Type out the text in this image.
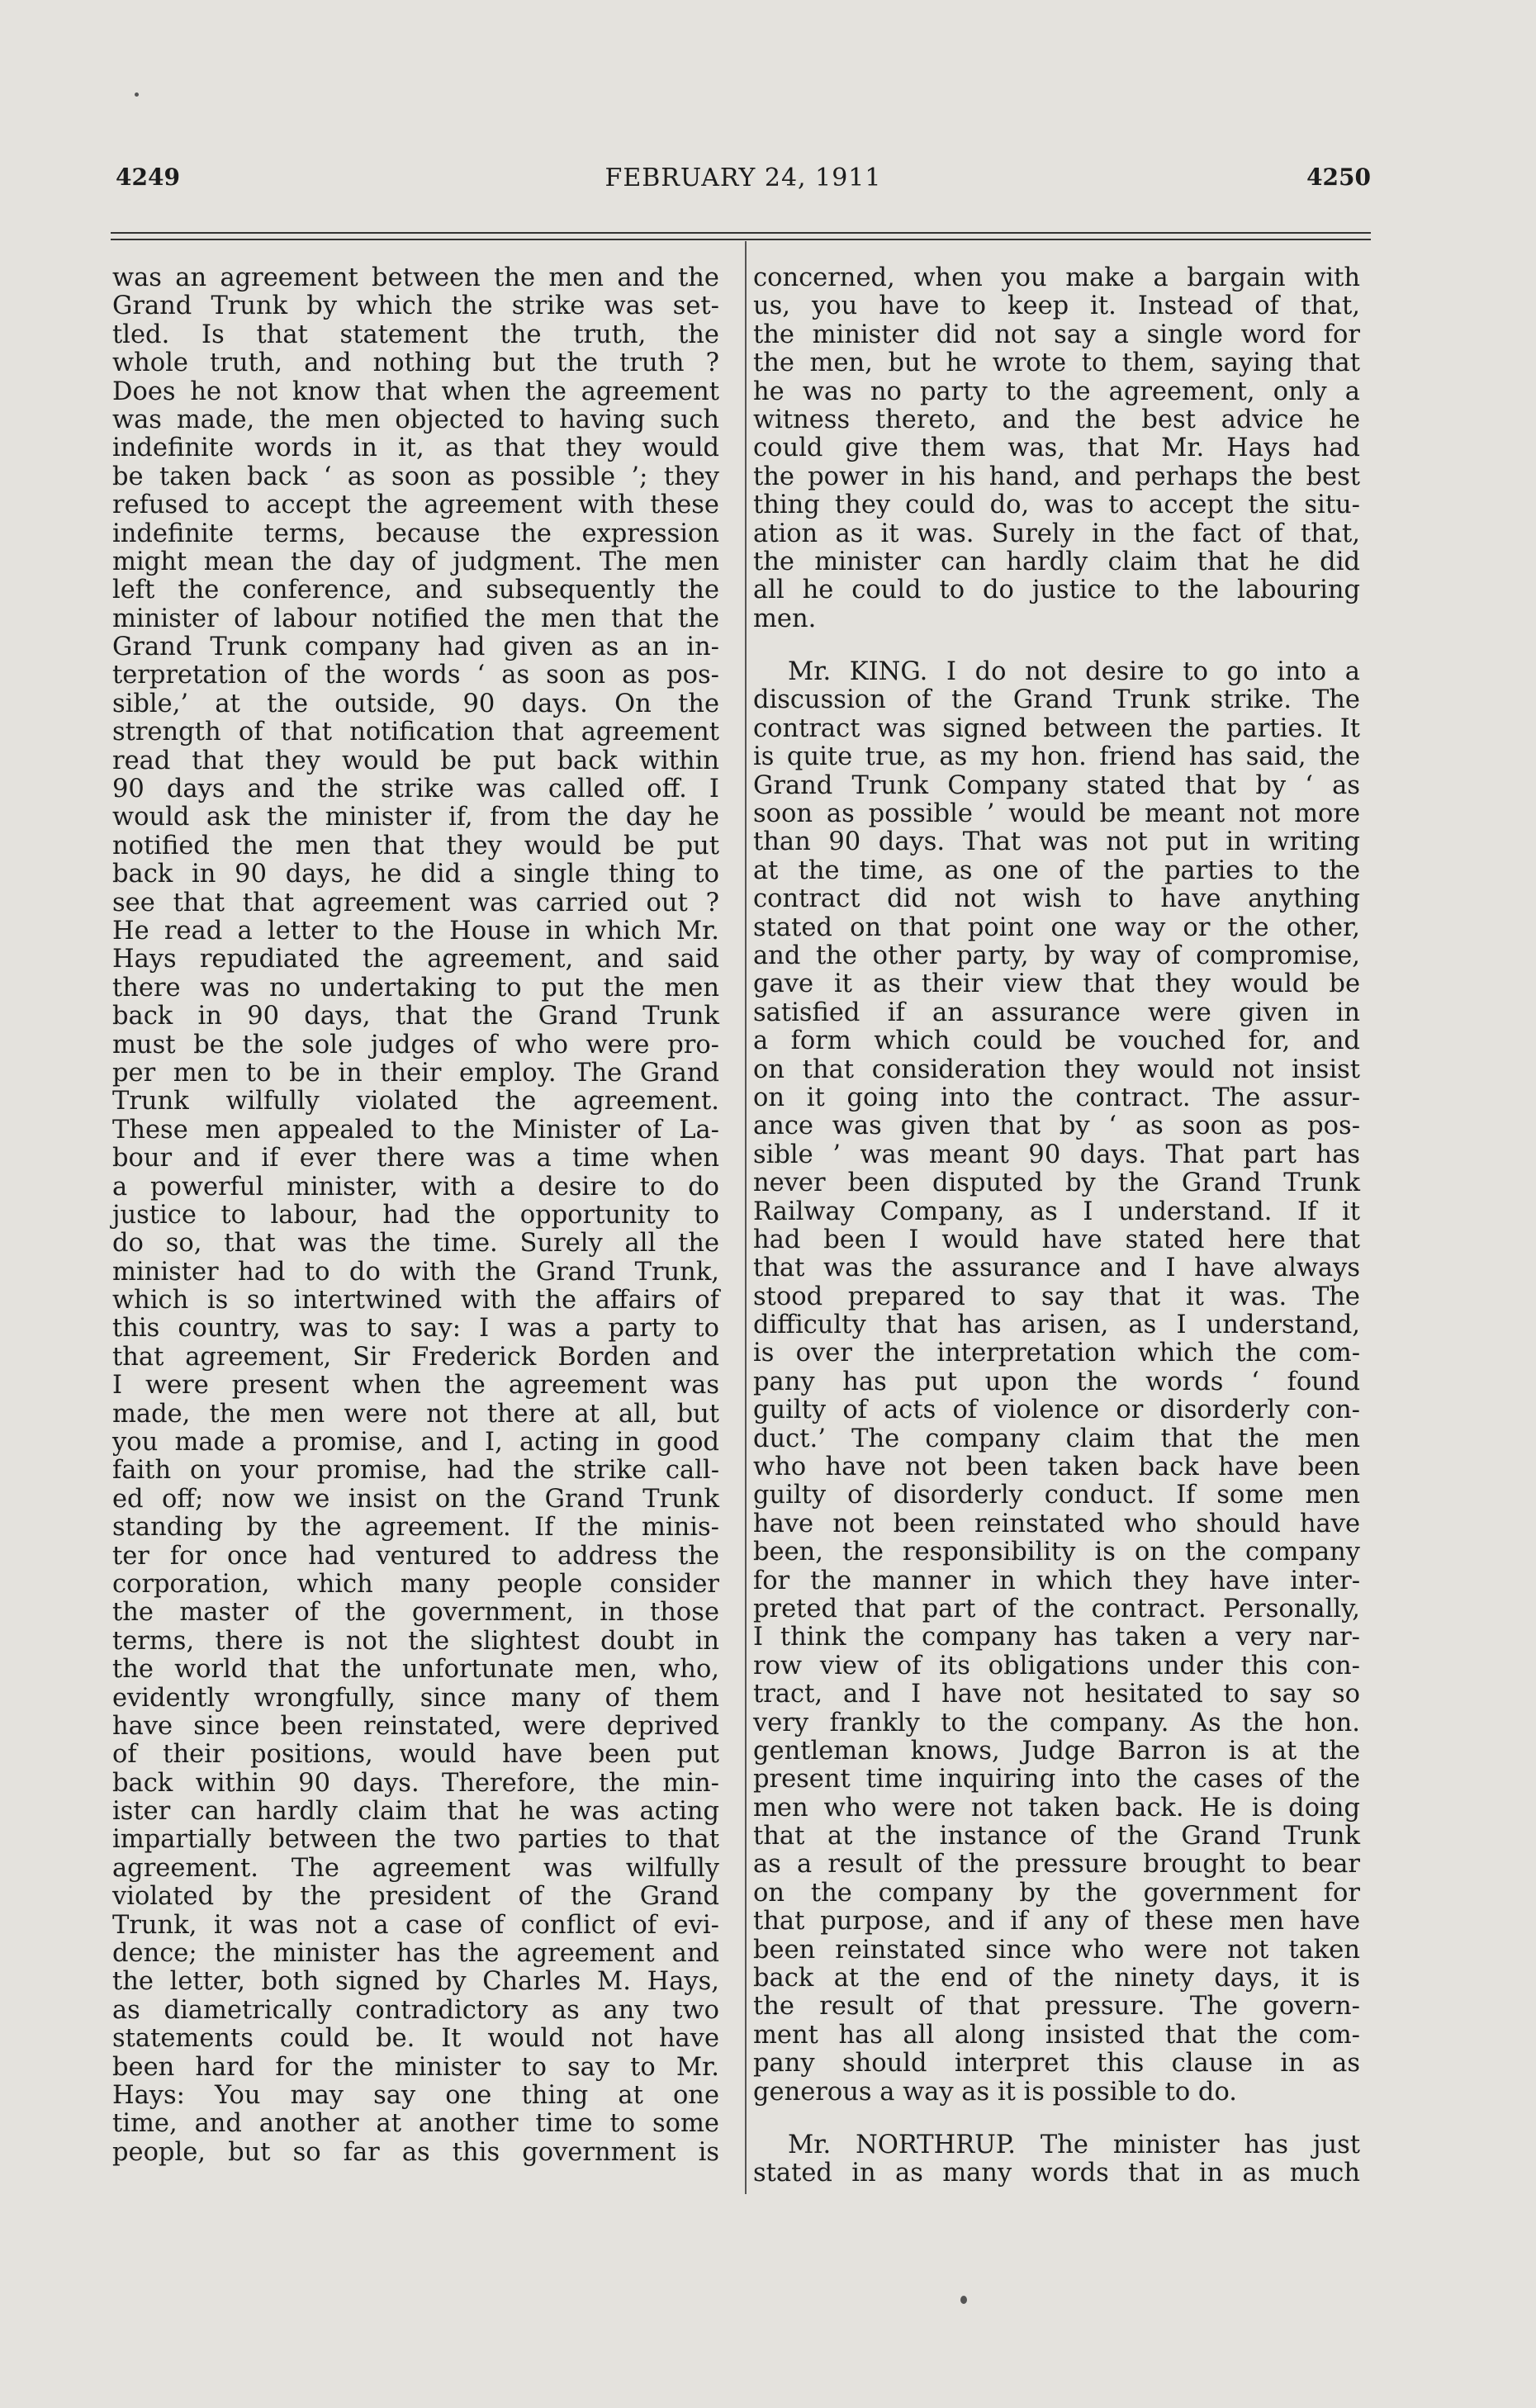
4249	FEBRUARY 24, 1911	4250
was an agreement between the men and the
Grand Trunk by which the strike was set-
tled. Is that statement the truth, the
whole truth, and nothing but the truth ?
Does he not know that when the agreement
was made, the men objected to having such
indefinite words in it, as that they would
be taken back ‘ as soon as possible ’; they
refused to accept the agreement with these
indefinite terms, because the expression
might mean the day of judgment. The men
left the conference, and subsequently the
minister of labour notified the men that the
Grand Trunk company had given as an in-
terpretation of the words ‘ as soon as pos-
sible,’ at the outside, 90 days. On the
strength of that notification that agreement
read that they would be put back within
90 days and the strike was called off. I
would ask the minister if, from the day he
notified the men that they would be put
back in 90 days, he did a single thing to
see that that agreement was carried out ?
He read a letter to the House in which Mr.
Hays repudiated the agreement, and said
there was no undertaking to put the men
back in 90 days, that the Grand Trunk
must be the sole judges of who were pro-
per men to be in their employ. The Grand
Trunk wilfully violated the agreement.
These men appealed to the Minister of La-
bour and if ever there was a time when
a powerful minister, with a desire to do
justice to labour, had the opportunity to
do so, that was the time. Surely all the
minister had to do with the Grand Trunk,
which is so intertwined with the affairs of
this country, was to say: I was a party to
that agreement, Sir Frederick Borden and
I were present when the agreement was
made, the men were not there at all, but
you made a promise, and I, acting in good
faith on your promise, had the strike call-
ed off; now we insist on the Grand Trunk
standing by the agreement. If the minis-
ter for once had ventured to address the
corporation, which many people consider
the master of the government, in those
terms, there is not the slightest doubt in
the world that the unfortunate men, who,
evidently wrongfully, since many of them
have since been reinstated, were deprived
of their positions, would have been put
back within 90 days. Therefore, the min-
ister can hardly claim that he was acting
impartially between the two parties to that
agreement. The agreement was wilfully
violated by the president of the Grand
Trunk, it was not a case of conflict of evi-
dence; the minister has the agreement and
the letter, both signed by Charles M. Hays,
as diametrically contradictory as any two
statements could be. It would not have
been hard for the minister to say to Mr.
Hays: You may say one thing at one
time, and another at another time to some
people, but so far as this government is
concerned, when you make a bargain with
us, you have to keep it. Instead of that,
the minister did not say a single word for
the men, but he wrote to them, saying that
he was no party to the agreement, only a
witness thereto, and the best advice he
could give them was, that Mr. Hays had
the power in his hand, and perhaps the best
thing they could do, was to accept the situ-
ation as it was. Surely in the fact of that,
the minister can hardly claim that he did
all he could to do justice to the labouring
men.
Mr. KING. I do not desire to go into a
discussion of the Grand Trunk strike. The
contract was signed between the parties. It
is quite true, as my hon. friend has said, the
Grand Trunk Company stated that by ‘ as
soon as possible ’ would be meant not more
than 90 days. That was not put in writing
at the time, as one of the parties to the
contract did not wish to have anything
stated on that point one way or the other,
and the other party, by way of compromise,
gave it as their view that they would be
satisfied if an assurance were given in
a form which could be vouched for, and
on that consideration they would not insist
on it going into the contract. The assur-
ance was given that by ‘ as soon as pos-
sible ’ was meant 90 days. That part has
never been disputed by the Grand Trunk
Railway Company, as I understand. If it
had been I would have stated here that
that was the assurance and I have always
stood prepared to say that it was. The
difficulty that has arisen, as I understand,
is over the interpretation which the com-
pany has put upon the words ‘ found
guilty of acts of violence or disorderly con-
duct.’ The company claim that the men
who have not been taken back have been
guilty of disorderly conduct. If some men
have not been reinstated who should have
been, the responsibility is on the company
for the manner in which they have inter-
preted that part of the contract. Personally,
I think the company has taken a very nar-
row view of its obligations under this con-
tract, and I have not hesitated to say so
very frankly to the company. As the hon.
gentleman knows, Judge Barron is at the
present time inquiring into the cases of the
men who were not taken back. He is doing
that at the instance of the Grand Trunk
as a result of the pressure brought to bear
on the company by the government for
that purpose, and if any of these men have
been reinstated since who were not taken
back at the end of the ninety days, it is
the result of that pressure. The govern-
ment has all along insisted that the com-
pany should interpret this clause in as
generous a way as it is possible to do.
Mr. NORTHRUP. The minister has just
stated in as many words that in as much
